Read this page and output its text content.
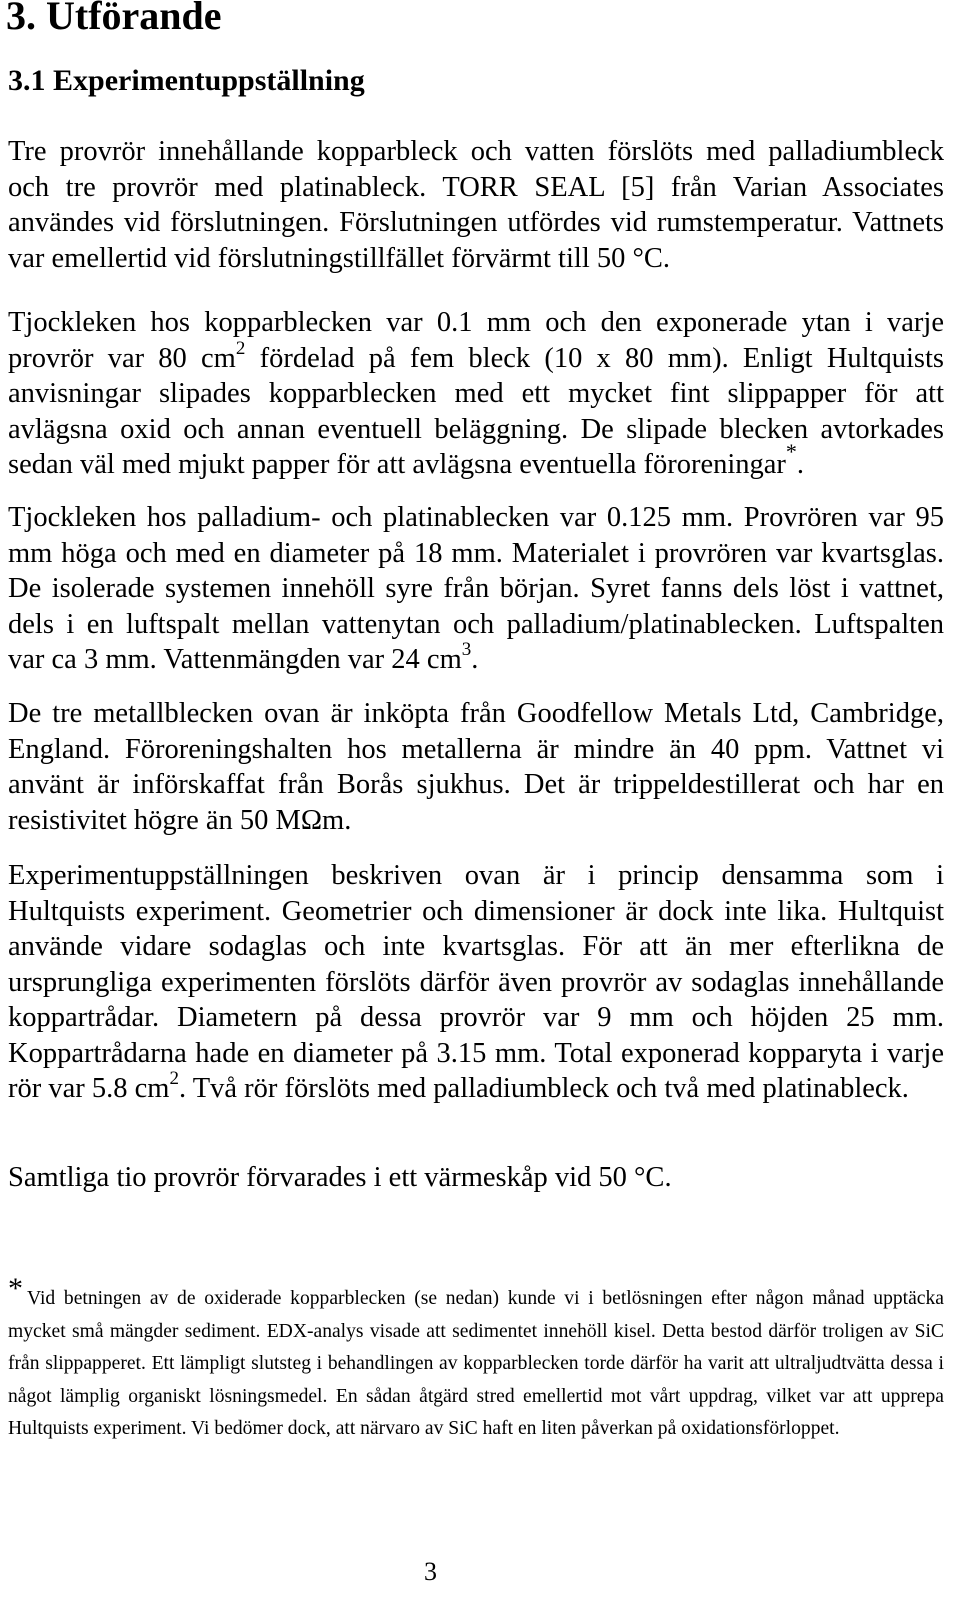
3. Utförande
3.1 Experimentuppställning

Tre provrör innehållande kopparbleck och vatten förslöts med palladiumbleck och tre provrör med platinableck. TORR SEAL [5] från Varian Associates användes vid förslutningen. Förslutningen utfördes vid rumstemperatur. Vattnets var emellertid vid förslutningstillfället förvärmt till 50 °C.

Tjockleken hos kopparblecken var 0.1 mm och den exponerade ytan i varje provrör var 80 $cm^2$ fördelad på fem bleck (10 x 80 mm). Enligt Hultquists anvisningar slipades kopparblecken med ett mycket fint slippapper för att avlägsna oxid och annan eventuell beläggning. De slipade blecken avtorkades sedan väl med mjukt papper för att avlägsna eventuella föroreningar*.

Tjockleken hos palladium- och platinablecken var 0.125 mm. Provrören var 95 mm höga och med en diameter på 18 mm. Materialet i provrören var kvartsglas. De isolerade systemen innehöll syre från början. Syret fanns dels löst i vattnet, dels i en luftspalt mellan vattenytan och palladium/platinablecken. Luftspalten var ca 3 mm. Vattenmängden var 24 $cm^3$.

De tre metallblecken ovan är inköpta från Goodfellow Metals Ltd, Cambridge, England. Föroreningshalten hos metallerna är mindre än 40 ppm. Vattnet vi använt är införskaffat från Borås sjukhus. Det är trippeldestillerat och har en resistivitet högre än 50 MΩm.

Experimentuppställningen beskriven ovan är i princip densamma som i Hultquists experiment. Geometrier och dimensioner är dock inte lika. Hultquist använde vidare sodaglas och inte kvartsglas. För att än mer efterlikna de ursprungliga experimenten förslöts därför även provrör av sodaglas innehållande koppartrådar. Diametern på dessa provrör var 9 mm och höjden 25 mm. Koppartrådarna hade en diameter på 3.15 mm. Total exponerad kopparyta i varje rör var 5.8 $cm^2$. Två rör förslöts med palladiumbleck och två med platinableck.

Samtliga tio provrör förvarades i ett värmeskåp vid 50 °C.

* Vid betningen av de oxiderade kopparblecken (se nedan) kunde vi i betlösningen efter någon månad upptäcka mycket små mängder sediment. EDX-analys visade att sedimentet innehöll kisel. Detta bestod därför troligen av SiC från slippapperet. Ett lämpligt slutsteg i behandlingen av kopparblecken torde därför ha varit att ultraljudtvätta dessa i något lämplig organiskt lösningsmedel. En sådan åtgärd stred emellertid mot vårt uppdrag, vilket var att upprepa Hultquists experiment. Vi bedömer dock, att närvaro av SiC haft en liten påverkan på oxidationsförloppet.

3
